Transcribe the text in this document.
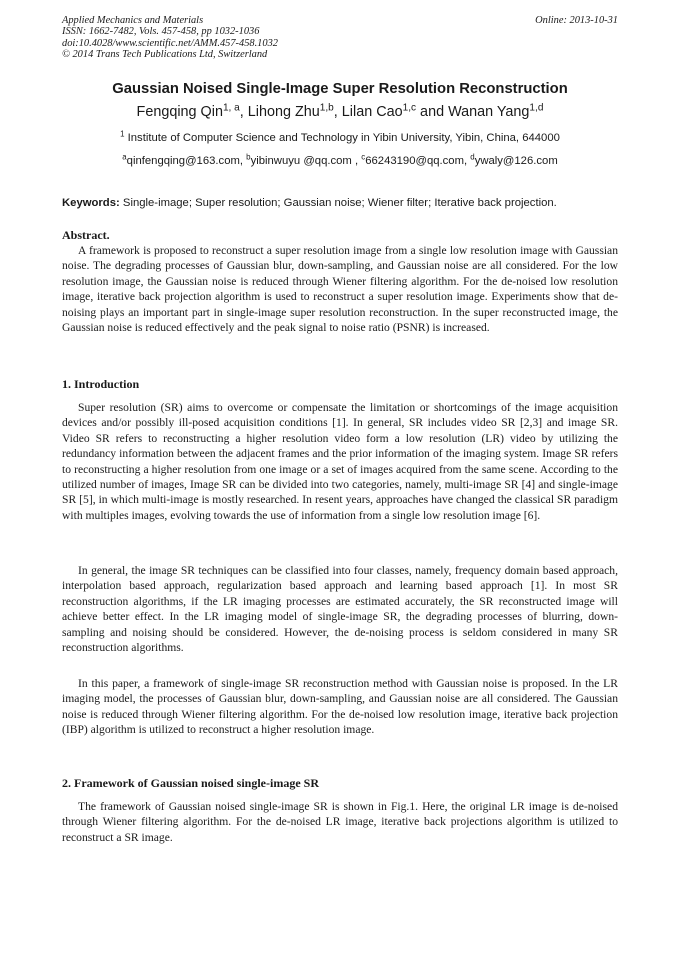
Applied Mechanics and Materials
ISSN: 1662-7482, Vols. 457-458, pp 1032-1036
doi:10.4028/www.scientific.net/AMM.457-458.1032
© 2014 Trans Tech Publications Ltd, Switzerland
Online: 2013-10-31
Gaussian Noised Single-Image Super Resolution Reconstruction
Fengqing Qin$^{1, a}$, Lihong Zhu$^{1,b}$, Lilan Cao$^{1,c}$ and Wanan Yang$^{1,d}$
$^1$ Institute of Computer Science and Technology in Yibin University, Yibin, China, 644000
$^a$qinfengqing@163.com, $^b$yibinwuyu @qq.com , $^c$66243190@qq.com, $^d$ywaly@126.com
Keywords: Single-image; Super resolution; Gaussian noise; Wiener filter; Iterative back projection.
Abstract.

A framework is proposed to reconstruct a super resolution image from a single low resolution image with Gaussian noise. The degrading processes of Gaussian blur, down-sampling, and Gaussian noise are all considered. For the low resolution image, the Gaussian noise is reduced through Wiener filtering algorithm. For the de-noised low resolution image, iterative back projection algorithm is used to reconstruct a super resolution image. Experiments show that de-noising plays an important part in single-image super resolution reconstruction. In the super reconstructed image, the Gaussian noise is reduced effectively and the peak signal to noise ratio (PSNR) is increased.

1. Introduction

Super resolution (SR) aims to overcome or compensate the limitation or shortcomings of the image acquisition devices and/or possibly ill-posed acquisition conditions [1]. In general, SR includes video SR [2,3] and image SR. Video SR refers to reconstructing a higher resolution video form a low resolution (LR) video by utilizing the redundancy information between the adjacent frames and the prior information of the imaging system. Image SR refers to reconstructing a higher resolution from one image or a set of images acquired from the same scene. According to the utilized number of images, Image SR can be divided into two categories, namely, multi-image SR [4] and single-image SR [5], in which multi-image is mostly researched. In resent years, approaches have changed the classical SR paradigm with multiples images, evolving towards the use of information from a single low resolution image [6].

In general, the image SR techniques can be classified into four classes, namely, frequency domain based approach, interpolation based approach, regularization based approach and learning based approach [1]. In most SR reconstruction algorithms, if the LR imaging processes are estimated accurately, the SR reconstructed image will achieve better effect. In the LR imaging model of single-image SR, the degrading processes of blurring, down-sampling and noising should be considered. However, the de-noising process is seldom considered in many SR reconstruction algorithms.

In this paper, a framework of single-image SR reconstruction method with Gaussian noise is proposed. In the LR imaging model, the processes of Gaussian blur, down-sampling, and Gaussian noise are all considered. The Gaussian noise is reduced through Wiener filtering algorithm. For the de-noised low resolution image, iterative back projection (IBP) algorithm is utilized to reconstruct a higher resolution image.

2. Framework of Gaussian noised single-image SR

The framework of Gaussian noised single-image SR is shown in Fig.1. Here, the original LR image is de-noised through Wiener filtering algorithm. For the de-noised LR image, iterative back projections algorithm is utilized to reconstruct a SR image.
